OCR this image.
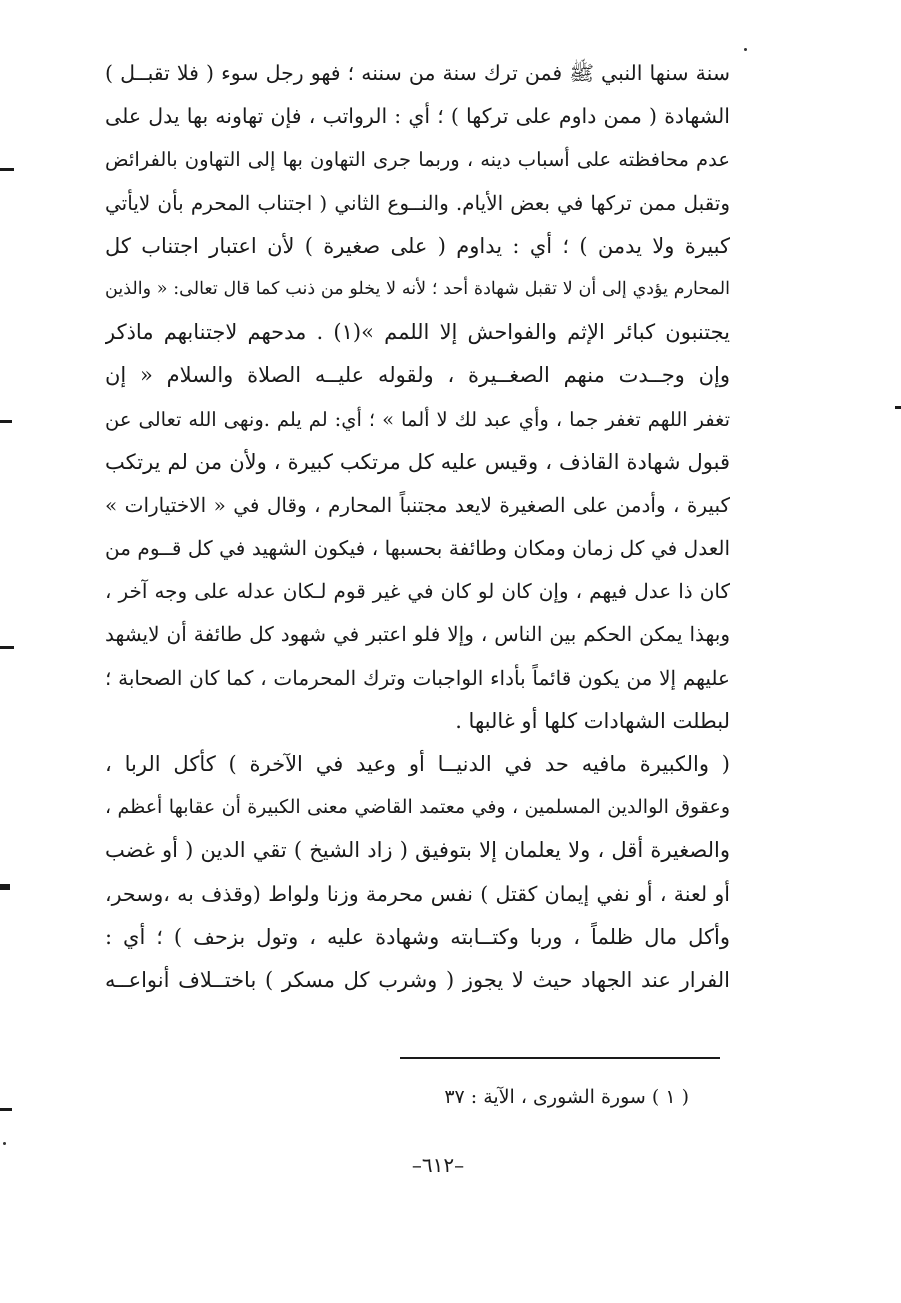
سنة سنها النبي ﷺ فمن ترك سنة من سننه ؛ فهو رجل سوء ( فلا تقبــل )
الشهادة ( ممن داوم على تركها ) ؛ أي : الرواتب ، فإن تهاونه بها يدل على
عدم محافظته على أسباب دينه ، وربما جرى التهاون بها إلى التهاون بالفرائض
وتقبل ممن تركها في بعض الأيام. والنــوع الثاني ( اجتناب المحرم بأن لايأتي
كبيرة ولا يدمن ) ؛ أي : يداوم ( على صغيرة ) لأن اعتبار اجتناب كل
المحارم يؤدي إلى أن لا تقبل شهادة أحد ؛ لأنه لا يخلو من ذنب كما قال تعالى: « والذين
يجتنبون كبائر الإثم والفواحش إلا اللمم »(١) . مدحهم لاجتنابهم ماذكر
وإن وجــدت منهم الصغــيرة ، ولقوله عليــه الصلاة والسلام « إن
تغفر اللهم تغفر جما ، وأي عبد لك لا ألما » ؛ أي: لم يلم .ونهى الله تعالى عن
قبول شهادة القاذف ، وقيس عليه كل مرتكب كبيرة ، ولأن من لم يرتكب
كبيرة ، وأدمن على الصغيرة لايعد مجتنباً المحارم ، وقال في « الاختيارات »
العدل في كل زمان ومكان وطائفة بحسبها ، فيكون الشهيد في كل قــوم من
كان ذا عدل فيهم ، وإن كان لو كان في غير قوم لـكان عدله على وجه آخر ،
وبهذا يمكن الحكم بين الناس ، وإلا فلو اعتبر في شهود كل طائفة أن لايشهد
عليهم إلا من يكون قائماً بأداء الواجبات وترك المحرمات ، كما كان الصحابة ؛
لبطلت الشهادات كلها أو غالبها .
( والكبيرة مافيه حد في الدنيــا أو وعيد في الآخرة ) كأكل الربا ،
وعقوق الوالدين المسلمين ، وفي معتمد القاضي معنى الكبيرة أن عقابها أعظم ،
والصغيرة أقل ، ولا يعلمان إلا بتوفيق ( زاد الشيخ ) تقي الدين ( أو غضب
أو لعنة ، أو نفي إيمان كقتل ) نفس محرمة وزنا ولواط (وقذف به ،وسحر،
وأكل مال ظلماً ، وربا وكتــابته وشهادة عليه ، وتول بزحف ) ؛ أي :
الفرار عند الجهاد حيث لا يجوز ( وشرب كل مسكر ) باختــلاف أنواعــه
( ١ ) سورة الشورى ، الآية : ٣٧
–٦١٢–
